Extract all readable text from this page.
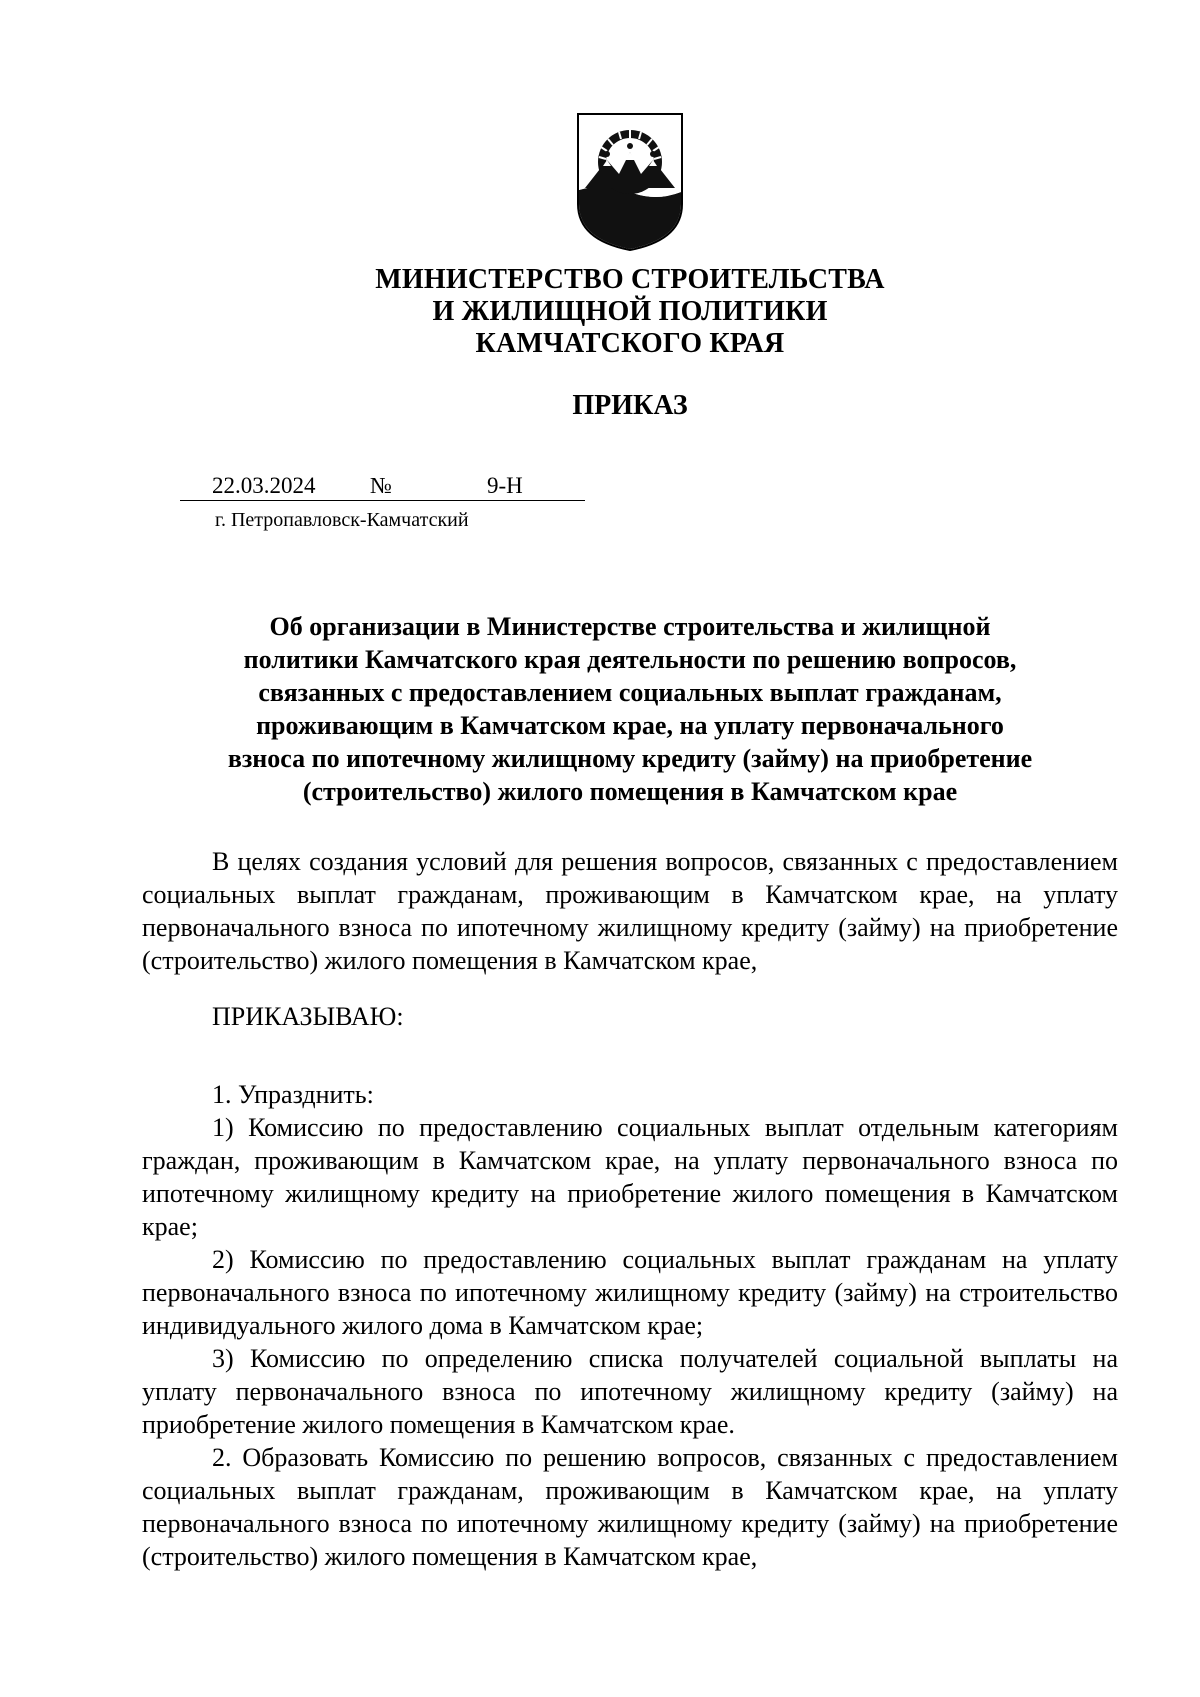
МИНИСТЕРСТВО СТРОИТЕЛЬСТВА
И ЖИЛИЩНОЙ ПОЛИТИКИ
КАМЧАТСКОГО КРАЯ
ПРИКАЗ
22.03.2024 №	9-Н
г. Петропавловск-Камчатский
Об организации в Министерстве строительства и жилищной
политики Камчатского края деятельности по решению вопросов,
связанных с предоставлением социальных выплат гражданам,
проживающим в Камчатском крае, на уплату первоначального
взноса по ипотечному жилищному кредиту (займу) на приобретение
(строительство) жилого помещения в Камчатском крае

В целях создания условий для решения вопросов, связанных с предоставлением социальных выплат гражданам, проживающим в Камчатском крае, на уплату первоначального взноса по ипотечному жилищному кредиту (займу) на приобретение (строительство) жилого помещения в Камчатском крае,

ПРИКАЗЫВАЮ:

1. Упразднить:

1) Комиссию по предоставлению социальных выплат отдельным категориям граждан, проживающим в Камчатском крае, на уплату первоначального взноса по ипотечному жилищному кредиту на приобретение жилого помещения в Камчатском крае;

2) Комиссию по предоставлению социальных выплат гражданам на уплату первоначального взноса по ипотечному жилищному кредиту (займу) на строительство индивидуального жилого дома в Камчатском крае;

3) Комиссию по определению списка получателей социальной выплаты на уплату первоначального взноса по ипотечному жилищному кредиту (займу) на приобретение жилого помещения в Камчатском крае.

2. Образовать Комиссию по решению вопросов, связанных с предоставлением социальных выплат гражданам, проживающим в Камчатском крае, на уплату первоначального взноса по ипотечному жилищному кредиту (займу) на приобретение (строительство) жилого помещения в Камчатском крае,
